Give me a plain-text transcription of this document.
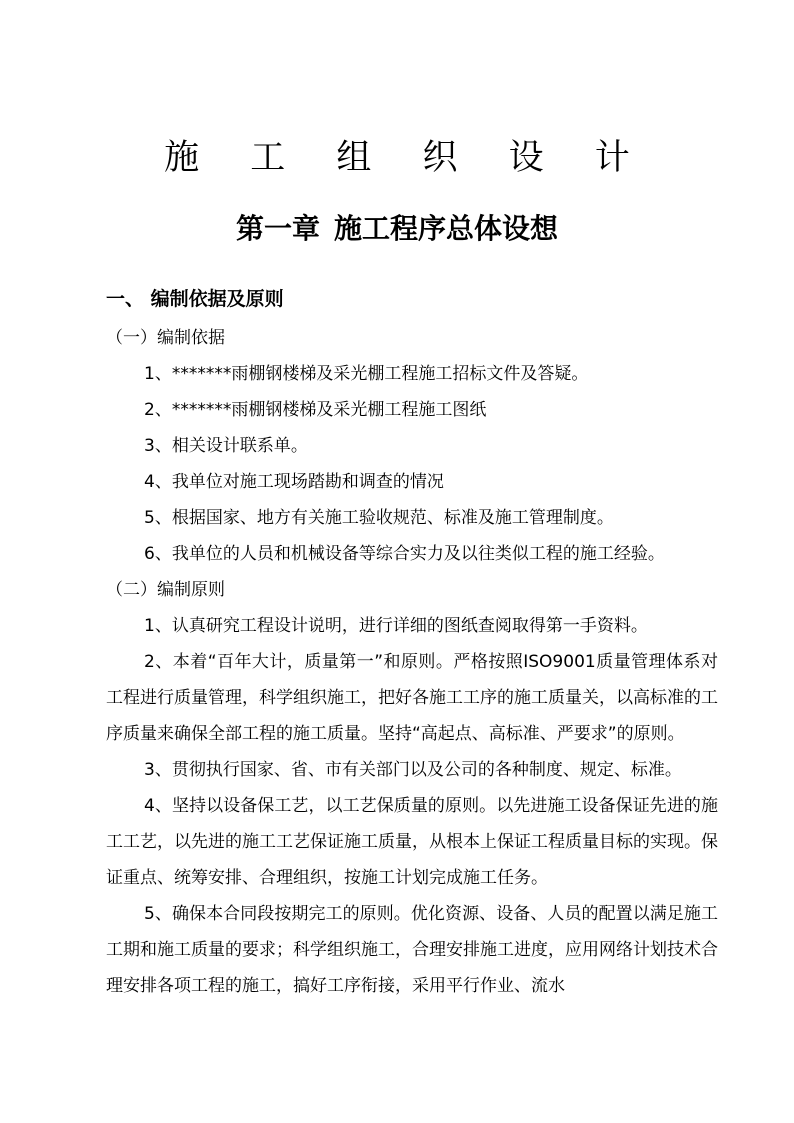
施 工 组 织 设 计
第一章 施工程序总体设想
一、 编制依据及原则

（一）编制依据

1、*******雨棚钢楼梯及采光棚工程施工招标文件及答疑。

2、*******雨棚钢楼梯及采光棚工程施工图纸

3、相关设计联系单。

4、我单位对施工现场踏勘和调查的情况

5、根据国家、地方有关施工验收规范、标准及施工管理制度。

6、我单位的人员和机械设备等综合实力及以往类似工程的施工经验。

（二）编制原则

1、认真研究工程设计说明，进行详细的图纸查阅取得第一手资料。

2、本着“百年大计，质量第一”和原则。严格按照ISO9001质量管理体系对工程进行质量管理，科学组织施工，把好各施工工序的施工质量关，以高标准的工序质量来确保全部工程的施工质量。坚持“高起点、高标准、严要求”的原则。

3、贯彻执行国家、省、市有关部门以及公司的各种制度、规定、标准。

4、坚持以设备保工艺，以工艺保质量的原则。以先进施工设备保证先进的施工工艺，以先进的施工工艺保证施工质量，从根本上保证工程质量目标的实现。保证重点、统筹安排、合理组织，按施工计划完成施工任务。

5、确保本合同段按期完工的原则。优化资源、设备、人员的配置以满足施工工期和施工质量的要求；科学组织施工，合理安排施工进度，应用网络计划技术合理安排各项工程的施工，搞好工序衔接，采用平行作业、流水
